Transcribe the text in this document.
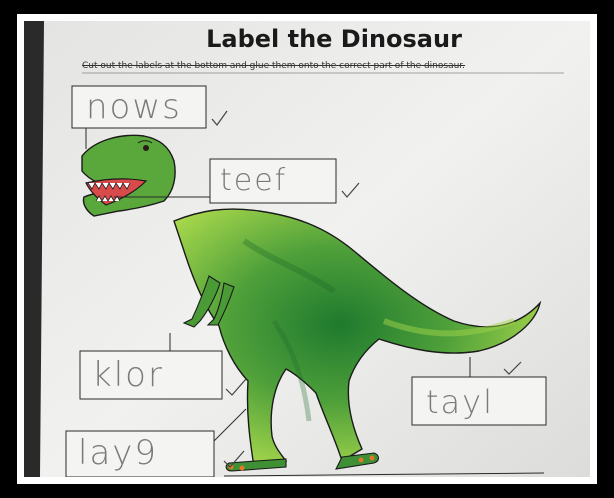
Label the Dinosaur
Cut out the labels at the bottom and glue them onto the correct part of the dinosaur.
nows
teef
klor
tayl
lay9
